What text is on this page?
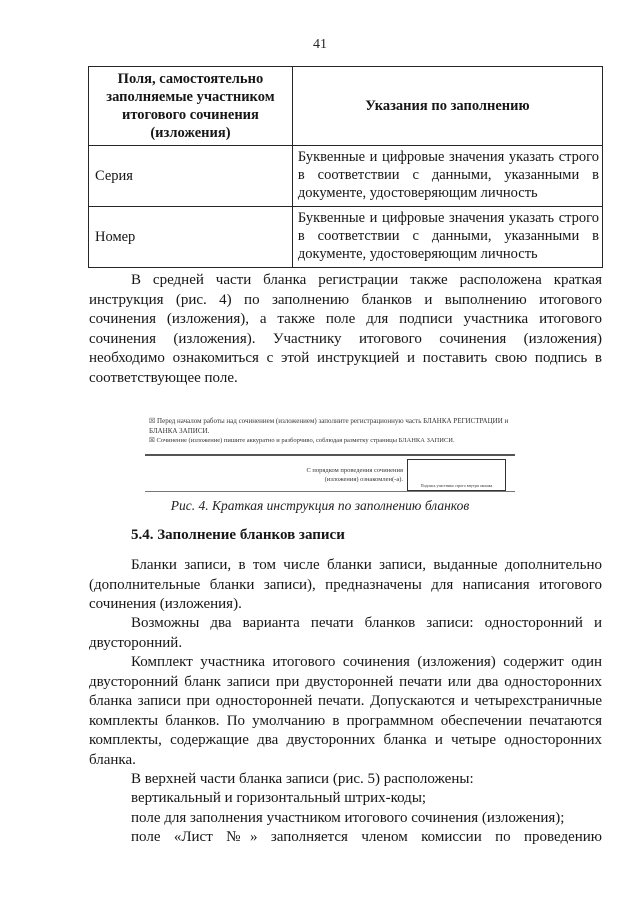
41
Поля, самостоятельно заполняемые участником итогового сочинения (изложения)	Указания по заполнению
Серия	Буквенные и цифровые значения указать строго в соответствии с данными, указанными в документе, удостоверяющим личность
Номер	Буквенные и цифровые значения указать строго в соответствии с данными, указанными в документе, удостоверяющим личность

В средней части бланка регистрации также расположена краткая инструкция (рис. 4) по заполнению бланков и выполнению итогового сочинения (изложения), а также поле для подписи участника итогового сочинения (изложения). Участнику итогового сочинения (изложения) необходимо ознакомиться с этой инструкцией и поставить свою подпись в соответствующее поле.

☒ Перед началом работы над сочинением (изложением) заполните регистрационную часть БЛАНКА РЕГИСТРАЦИИ и БЛАНКА ЗАПИСИ.
☒ Сочинение (изложение) пишите аккуратно и разборчиво, соблюдая разметку страницы БЛАНКА ЗАПИСИ.
С порядком проведения сочинения (изложения) ознакомлен(-а).
Подпись участника строго внутри окошка
Рис. 4. Краткая инструкция по заполнению бланков
5.4. Заполнение бланков записи

Бланки записи, в том числе бланки записи, выданные дополнительно (дополнительные бланки записи), предназначены для написания итогового сочинения (изложения).

Возможны два варианта печати бланков записи: односторонний и двусторонний.

Комплект участника итогового сочинения (изложения) содержит один двусторонний бланк записи при двусторонней печати или два односторонних бланка записи при односторонней печати. Допускаются и четырехстраничные комплекты бланков. По умолчанию в программном обеспечении печатаются комплекты, содержащие два двусторонних бланка и четыре односторонних бланка.

В верхней части бланка записи (рис. 5) расположены:

вертикальный и горизонтальный штрих-коды;

поле для заполнения участником итогового сочинения (изложения);

поле «Лист №» заполняется членом комиссии по проведению
